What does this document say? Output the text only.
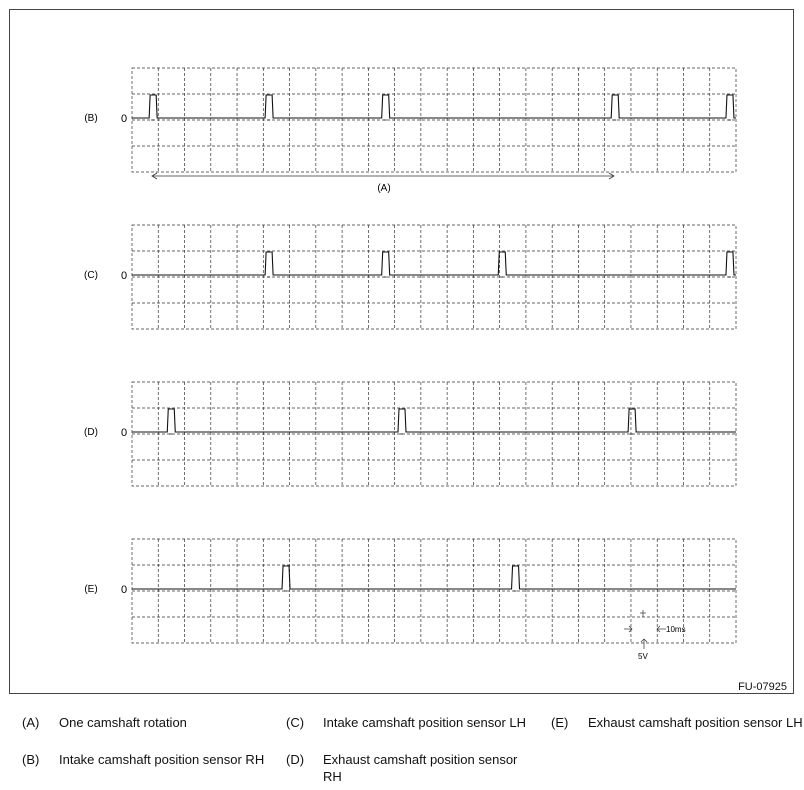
(B) 0
(C) 0
(D) 0
(E) 0
(A)
10ms
5V
FU-07925
(A) One camshaft rotation
(B) Intake camshaft position sensor RH
(C) Intake camshaft position sensor LH
(D) Exhaust camshaft position sensor RH
(E) Exhaust camshaft position sensor LH
